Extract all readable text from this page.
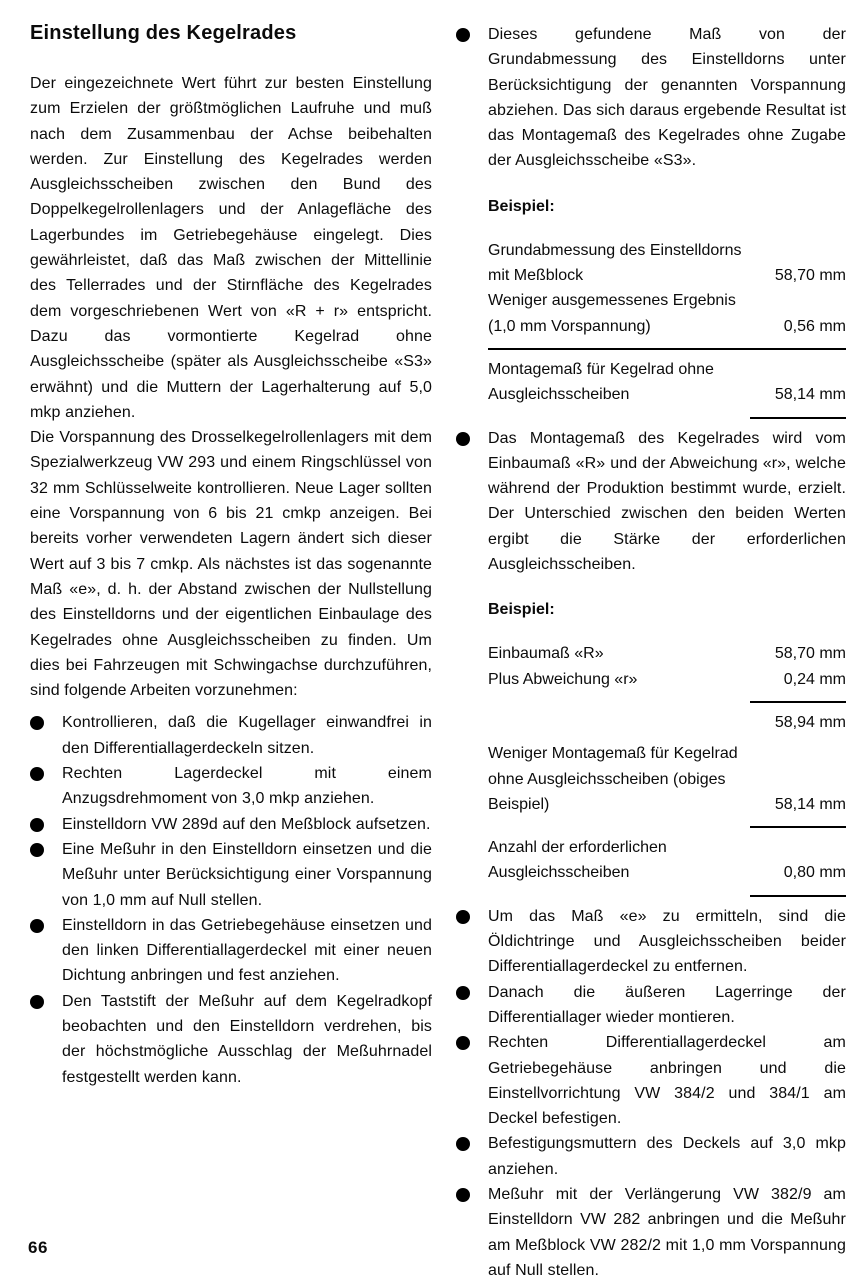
Einstellung des Kegelrades

Der eingezeichnete Wert führt zur besten Einstellung zum Erzielen der größtmöglichen Laufruhe und muß nach dem Zusammenbau der Achse beibehalten werden. Zur Einstellung des Kegelrades werden Ausgleichsscheiben zwischen den Bund des Doppelkegelrollenlagers und der Anlagefläche des Lagerbundes im Getriebegehäuse eingelegt. Dies gewährleistet, daß das Maß zwischen der Mittellinie des Tellerrades und der Stirnfläche des Kegelrades dem vorgeschriebenen Wert von «R + r» entspricht. Dazu das vormontierte Kegelrad ohne Ausgleichsscheibe (später als Ausgleichsscheibe «S3» erwähnt) und die Muttern der Lagerhalterung auf 5,0 mkp anziehen.

Die Vorspannung des Drosselkegelrollenlagers mit dem Spezialwerkzeug VW 293 und einem Ringschlüssel von 32 mm Schlüsselweite kontrollieren. Neue Lager sollten eine Vorspannung von 6 bis 21 cmkp anzeigen. Bei bereits vorher verwendeten Lagern ändert sich dieser Wert auf 3 bis 7 cmkp. Als nächstes ist das sogenannte Maß «e», d. h. der Abstand zwischen der Nullstellung des Einstelldorns und der eigentlichen Einbaulage des Kegelrades ohne Ausgleichsscheiben zu finden. Um dies bei Fahrzeugen mit Schwingachse durchzuführen, sind folgende Arbeiten vorzunehmen:

Kontrollieren, daß die Kugellager einwandfrei in den Differentiallagerdeckeln sitzen.
Rechten Lagerdeckel mit einem Anzugsdrehmoment von 3,0 mkp anziehen.
Einstelldorn VW 289d auf den Meßblock aufsetzen.
Eine Meßuhr in den Einstelldorn einsetzen und die Meßuhr unter Berücksichtigung einer Vorspannung von 1,0 mm auf Null stellen.
Einstelldorn in das Getriebegehäuse einsetzen und den linken Differentiallagerdeckel mit einer neuen Dichtung anbringen und fest anziehen.
Den Taststift der Meßuhr auf dem Kegelradkopf beobachten und den Einstelldorn verdrehen, bis der höchstmögliche Ausschlag der Meßuhrnadel festgestellt werden kann.
Dieses gefundene Maß von der Grundabmessung des Einstelldorns unter Berücksichtigung der genannten Vorspannung abziehen. Das sich daraus ergebende Resultat ist das Montagemaß des Kegelrades ohne Zugabe der Ausgleichsscheibe «S3».
Beispiel:
Grundabmessung des Einstelldorns mit Meßblock	58,70 mm
Weniger ausgemessenes Ergebnis (1,0 mm Vorspannung)	0,56 mm
Montagemaß für Kegelrad ohne Ausgleichsscheiben	58,14 mm
Das Montagemaß des Kegelrades wird vom Einbaumaß «R» und der Abweichung «r», welche während der Produktion bestimmt wurde, erzielt. Der Unterschied zwischen den beiden Werten ergibt die Stärke der erforderlichen Ausgleichsscheiben.
Beispiel:
Einbaumaß «R»	58,70 mm
Plus Abweichung «r»	0,24 mm
58,94 mm
Weniger Montagemaß für Kegelrad ohne Ausgleichsscheiben (obiges Beispiel)	58,14 mm
Anzahl der erforderlichen Ausgleichsscheiben	0,80 mm
Um das Maß «e» zu ermitteln, sind die Öldichtringe und Ausgleichsscheiben beider Differentiallagerdeckel zu entfernen.
Danach die äußeren Lagerringe der Differentiallager wieder montieren.
Rechten Differentiallagerdeckel am Getriebegehäuse anbringen und die Einstellvorrichtung VW 384/2 und 384/1 am Deckel befestigen.
Befestigungsmuttern des Deckels auf 3,0 mkp anziehen.
Meßuhr mit der Verlängerung VW 382/9 am Einstelldorn VW 282 anbringen und die Meßuhr am Meßblock VW 282/2 mit 1,0 mm Vorspannung auf Null stellen.
66
